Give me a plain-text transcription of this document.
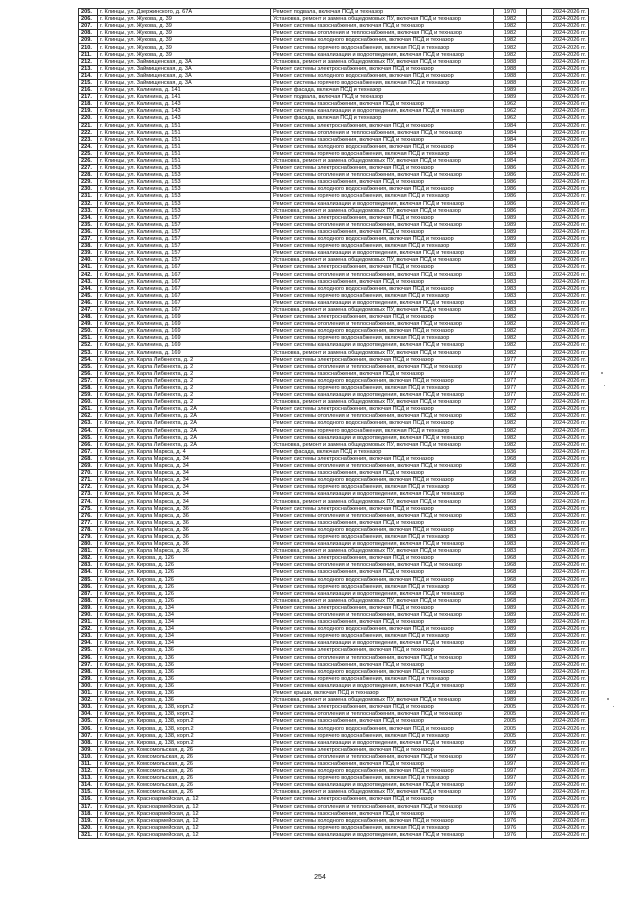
205.	г. Клинцы, ул. Дзержинского, д. 67А	Ремонт подвала, включая ПСД и техназор	1970		2024-2026 гг.
206.	г. Клинцы, ул. Жукова, д. 39	Установка, ремонт и замена общедомовых ПУ, включая ПСД и техназор	1982		2024-2026 гг.
207.	г. Клинцы, ул. Жукова, д. 39	Ремонт системы газоснабжения, включая ПСД и техназор	1982		2024-2026 гг.
208.	г. Клинцы, ул. Жукова, д. 39	Ремонт системы отопления и теплоснабжения, включая ПСД и техназор	1982		2024-2026 гг.
209.	г. Клинцы, ул. Жукова, д. 39	Ремонт системы холодного водоснабжения, включая ПСД и техназор	1982		2024-2026 гг.
210.	г. Клинцы, ул. Жукова, д. 39	Ремонт системы горячего водоснабжения, включая ПСД и техназор	1982		2024-2026 гг.
211.	г. Клинцы, ул. Жукова, д. 39	Ремонт системы канализации и водоотведения, включая ПСД и техназор	1982		2024-2026 гг.
212.	г. Клинцы, ул. Займищенская, д. 3А	Установка, ремонт и замена общедомовых ПУ, включая ПСД и техназор	1988		2024-2026 гг.
213.	г. Клинцы, ул. Займищенская, д. 3А	Ремонт системы электроснабжения, включая ПСД и техназор	1988		2024-2026 гг.
214.	г. Клинцы, ул. Займищенская, д. 3А	Ремонт системы холодного водоснабжения, включая ПСД и техназор	1988		2024-2026 гг.
215.	г. Клинцы, ул. Займищенская, д. 3А	Ремонт системы горячего водоснабжения, включая ПСД и техназор	1988		2024-2026 гг.
216.	г. Клинцы, ул. Калинина, д. 141	Ремонт фасада, включая ПСД и техназор	1989		2024-2026 гг.
217.	г. Клинцы, ул. Калинина, д. 141	Ремонт подвала, включая ПСД и техназор	1989		2024-2026 гг.
218.	г. Клинцы, ул. Калинина, д. 143	Ремонт системы газоснабжения, включая ПСД и техназор	1962		2024-2026 гг.
219.	г. Клинцы, ул. Калинина, д. 143	Ремонт системы канализации и водоотведения, включая ПСД и техназор	1962		2024-2026 гг.
220.	г. Клинцы, ул. Калинина, д. 143	Ремонт фасада, включая ПСД и техназор	1962		2024-2026 гг.
221.	г. Клинцы, ул. Калинина, д. 151	Ремонт системы электроснабжения, включая ПСД и техназор	1984		2024-2026 гг.
222.	г. Клинцы, ул. Калинина, д. 151	Ремонт системы отопления и теплоснабжения, включая ПСД и техназор	1984		2024-2026 гг.
223.	г. Клинцы, ул. Калинина, д. 151	Ремонт системы газоснабжения, включая ПСД и техназор	1984		2024-2026 гг.
224.	г. Клинцы, ул. Калинина, д. 151	Ремонт системы холодного водоснабжения, включая ПСД и техназор	1984		2024-2026 гг.
225.	г. Клинцы, ул. Калинина, д. 151	Ремонт системы горячего водоснабжения, включая ПСД и техназор	1984		2024-2026 гг.
226.	г. Клинцы, ул. Калинина, д. 151	Установка, ремонт и замена общедомовых ПУ, включая ПСД и техназор	1984		2024-2026 гг.
227.	г. Клинцы, ул. Калинина, д. 153	Ремонт системы электроснабжения, включая ПСД и техназор	1986		2024-2026 гг.
228.	г. Клинцы, ул. Калинина, д. 153	Ремонт системы отопления и теплоснабжения, включая ПСД и техназор	1986		2024-2026 гг.
229.	г. Клинцы, ул. Калинина, д. 153	Ремонт системы газоснабжения, включая ПСД и техназор	1986		2024-2026 гг.
230.	г. Клинцы, ул. Калинина, д. 153	Ремонт системы холодного водоснабжения, включая ПСД и техназор	1986		2024-2026 гг.
231.	г. Клинцы, ул. Калинина, д. 153	Ремонт системы горячего водоснабжения, включая ПСД и техназор	1986		2024-2026 гг.
232.	г. Клинцы, ул. Калинина, д. 153	Ремонт системы канализации и водоотведения, включая ПСД и техназор	1986		2024-2026 гг.
233.	г. Клинцы, ул. Калинина, д. 153	Установка, ремонт и замена общедомовых ПУ, включая ПСД и техназор	1986		2024-2026 гг.
234.	г. Клинцы, ул. Калинина, д. 157	Ремонт системы электроснабжения, включая ПСД и техназор	1989		2024-2026 гг.
235.	г. Клинцы, ул. Калинина, д. 157	Ремонт системы отопления и теплоснабжения, включая ПСД и техназор	1989		2024-2026 гг.
236.	г. Клинцы, ул. Калинина, д. 157	Ремонт системы газоснабжения, включая ПСД и техназор	1989		2024-2026 гг.
237.	г. Клинцы, ул. Калинина, д. 157	Ремонт системы холодного водоснабжения, включая ПСД и техназор	1989		2024-2026 гг.
238.	г. Клинцы, ул. Калинина, д. 157	Ремонт системы горячего водоснабжения, включая ПСД и техназор	1989		2024-2026 гг.
239.	г. Клинцы, ул. Калинина, д. 157	Ремонт системы канализации и водоотведения, включая ПСД и техназор	1989		2024-2026 гг.
240.	г. Клинцы, ул. Калинина, д. 157	Установка, ремонт и замена общедомовых ПУ, включая ПСД и техназор	1989		2024-2026 гг.
241.	г. Клинцы, ул. Калинина, д. 167	Ремонт системы электроснабжения, включая ПСД и техназор	1983		2024-2026 гг.
242.	г. Клинцы, ул. Калинина, д. 167	Ремонт системы отопления и теплоснабжения, включая ПСД и техназор	1983		2024-2026 гг.
243.	г. Клинцы, ул. Калинина, д. 167	Ремонт системы газоснабжения, включая ПСД и техназор	1983		2024-2026 гг.
244.	г. Клинцы, ул. Калинина, д. 167	Ремонт системы холодного водоснабжения, включая ПСД и техназор	1983		2024-2026 гг.
245.	г. Клинцы, ул. Калинина, д. 167	Ремонт системы горячего водоснабжения, включая ПСД и техназор	1983		2024-2026 гг.
246.	г. Клинцы, ул. Калинина, д. 167	Ремонт системы канализации и водоотведения, включая ПСД и техназор	1983		2024-2026 гг.
247.	г. Клинцы, ул. Калинина, д. 167	Установка, ремонт и замена общедомовых ПУ, включая ПСД и техназор	1983		2024-2026 гг.
248.	г. Клинцы, ул. Калинина, д. 169	Ремонт системы электроснабжения, включая ПСД и техназор	1982		2024-2026 гг.
249.	г. Клинцы, ул. Калинина, д. 169	Ремонт системы отопления и теплоснабжения, включая ПСД и техназор	1982		2024-2026 гг.
250.	г. Клинцы, ул. Калинина, д. 169	Ремонт системы холодного водоснабжения, включая ПСД и техназор	1982		2024-2026 гг.
251.	г. Клинцы, ул. Калинина, д. 169	Ремонт системы горячего водоснабжения, включая ПСД и техназор	1982		2024-2026 гг.
252.	г. Клинцы, ул. Калинина, д. 169	Ремонт системы канализации и водоотведения, включая ПСД и техназор	1982		2024-2026 гг.
253.	г. Клинцы, ул. Калинина, д. 169	Установка, ремонт и замена общедомовых ПУ, включая ПСД и техназор	1982		2024-2026 гг.
254.	г. Клинцы, ул. Карла Либкнехта, д. 2	Ремонт системы электроснабжения, включая ПСД и техназор	1977		2024-2026 гг.
255.	г. Клинцы, ул. Карла Либкнехта, д. 2	Ремонт системы отопления и теплоснабжения, включая ПСД и техназор	1977		2024-2026 гг.
256.	г. Клинцы, ул. Карла Либкнехта, д. 2	Ремонт системы газоснабжения, включая ПСД и техназор	1977		2024-2026 гг.
257.	г. Клинцы, ул. Карла Либкнехта, д. 2	Ремонт системы холодного водоснабжения, включая ПСД и техназор	1977		2024-2026 гг.
258.	г. Клинцы, ул. Карла Либкнехта, д. 2	Ремонт системы горячего водоснабжения, включая ПСД и техназор	1977		2024-2026 гг.
259.	г. Клинцы, ул. Карла Либкнехта, д. 2	Ремонт системы канализации и водоотведения, включая ПСД и техназор	1977		2024-2026 гг.
260.	г. Клинцы, ул. Карла Либкнехта, д. 2	Установка, ремонт и замена общедомовых ПУ, включая ПСД и техназор	1977		2024-2026 гг.
261.	г. Клинцы, ул. Карла Либкнехта, д. 2А	Ремонт системы электроснабжения, включая ПСД и техназор	1982		2024-2026 гг.
262.	г. Клинцы, ул. Карла Либкнехта, д. 2А	Ремонт системы отопления и теплоснабжения, включая ПСД и техназор	1982		2024-2026 гг.
263.	г. Клинцы, ул. Карла Либкнехта, д. 2А	Ремонт системы холодного водоснабжения, включая ПСД и техназор	1982		2024-2026 гг.
264.	г. Клинцы, ул. Карла Либкнехта, д. 2А	Ремонт системы горячего водоснабжения, включая ПСД и техназор	1982		2024-2026 гг.
265.	г. Клинцы, ул. Карла Либкнехта, д. 2А	Ремонт системы канализации и водоотведения, включая ПСД и техназор	1982		2024-2026 гг.
266.	г. Клинцы, ул. Карла Либкнехта, д. 2А	Установка, ремонт и замена общедомовых ПУ, включая ПСД и техназор	1982		2024-2026 гг.
267.	г. Клинцы, ул. Карла Маркса, д. 4	Ремонт фасада, включая ПСД и техназор	1936		2024-2026 гг.
268.	г. Клинцы, ул. Карла Маркса, д. 34	Ремонт системы электроснабжения, включая ПСД и техназор	1968		2024-2026 гг.
269.	г. Клинцы, ул. Карла Маркса, д. 34	Ремонт системы отопления и теплоснабжения, включая ПСД и техназор	1968		2024-2026 гг.
270.	г. Клинцы, ул. Карла Маркса, д. 34	Ремонт системы газоснабжения, включая ПСД и техназор	1968		2024-2026 гг.
271.	г. Клинцы, ул. Карла Маркса, д. 34	Ремонт системы холодного водоснабжения, включая ПСД и техназор	1968		2024-2026 гг.
272.	г. Клинцы, ул. Карла Маркса, д. 34	Ремонт системы горячего водоснабжения, включая ПСД и техназор	1968		2024-2026 гг.
273.	г. Клинцы, ул. Карла Маркса, д. 34	Ремонт системы канализации и водоотведения, включая ПСД и техназор	1968		2024-2026 гг.
274.	г. Клинцы, ул. Карла Маркса, д. 34	Установка, ремонт и замена общедомовых ПУ, включая ПСД и техназор	1968		2024-2026 гг.
275.	г. Клинцы, ул. Карла Маркса, д. 36	Ремонт системы электроснабжения, включая ПСД и техназор	1983		2024-2026 гг.
276.	г. Клинцы, ул. Карла Маркса, д. 36	Ремонт системы отопления и теплоснабжения, включая ПСД и техназор	1983		2024-2026 гг.
277.	г. Клинцы, ул. Карла Маркса, д. 36	Ремонт системы газоснабжения, включая ПСД и техназор	1983		2024-2026 гг.
278.	г. Клинцы, ул. Карла Маркса, д. 36	Ремонт системы холодного водоснабжения, включая ПСД и техназор	1983		2024-2026 гг.
279.	г. Клинцы, ул. Карла Маркса, д. 36	Ремонт системы горячего водоснабжения, включая ПСД и техназор	1983		2024-2026 гг.
280.	г. Клинцы, ул. Карла Маркса, д. 36	Ремонт системы канализации и водоотведения, включая ПСД и техназор	1983		2024-2026 гг.
281.	г. Клинцы, ул. Карла Маркса, д. 36	Установка, ремонт и замена общедомовых ПУ, включая ПСД и техназор	1983		2024-2026 гг.
282.	г. Клинцы, ул. Кирова, д. 126	Ремонт системы электроснабжения, включая ПСД и техназор	1968		2024-2026 гг.
283.	г. Клинцы, ул. Кирова, д. 126	Ремонт системы отопления и теплоснабжения, включая ПСД и техназор	1968		2024-2026 гг.
284.	г. Клинцы, ул. Кирова, д. 126	Ремонт системы газоснабжения, включая ПСД и техназор	1968		2024-2026 гг.
285.	г. Клинцы, ул. Кирова, д. 126	Ремонт системы холодного водоснабжения, включая ПСД и техназор	1968		2024-2026 гг.
286.	г. Клинцы, ул. Кирова, д. 126	Ремонт системы горячего водоснабжения, включая ПСД и техназор	1968		2024-2026 гг.
287.	г. Клинцы, ул. Кирова, д. 126	Ремонт системы канализации и водоотведения, включая ПСД и техназор	1968		2024-2026 гг.
288.	г. Клинцы, ул. Кирова, д. 126	Установка, ремонт и замена общедомовых ПУ, включая ПСД и техназор	1968		2024-2026 гг.
289.	г. Клинцы, ул. Кирова, д. 134	Ремонт системы электроснабжения, включая ПСД и техназор	1989		2024-2026 гг.
290.	г. Клинцы, ул. Кирова, д. 134	Ремонт системы отопления и теплоснабжения, включая ПСД и техназор	1989		2024-2026 гг.
291.	г. Клинцы, ул. Кирова, д. 134	Ремонт системы газоснабжения, включая ПСД и техназор	1989		2024-2026 гг.
292.	г. Клинцы, ул. Кирова, д. 134	Ремонт системы холодного водоснабжения, включая ПСД и техназор	1989		2024-2026 гг.
293.	г. Клинцы, ул. Кирова, д. 134	Ремонт системы горячего водоснабжения, включая ПСД и техназор	1989		2024-2026 гг.
294.	г. Клинцы, ул. Кирова, д. 134	Ремонт системы канализации и водоотведения, включая ПСД и техназор	1989		2024-2026 гг.
295.	г. Клинцы, ул. Кирова, д. 136	Ремонт системы электроснабжения, включая ПСД и техназор	1989		2024-2026 гг.
296.	г. Клинцы, ул. Кирова, д. 136	Ремонт системы отопления и теплоснабжения, включая ПСД и техназор	1989		2024-2026 гг.
297.	г. Клинцы, ул. Кирова, д. 136	Ремонт системы газоснабжения, включая ПСД и техназор	1989		2024-2026 гг.
298.	г. Клинцы, ул. Кирова, д. 136	Ремонт системы холодного водоснабжения, включая ПСД и техназор	1989		2024-2026 гг.
299.	г. Клинцы, ул. Кирова, д. 136	Ремонт системы горячего водоснабжения, включая ПСД и техназор	1989		2024-2026 гг.
300.	г. Клинцы, ул. Кирова, д. 136	Ремонт системы канализации и водоотведения, включая ПСД и техназор	1989		2024-2026 гг.
301.	г. Клинцы, ул. Кирова, д. 136	Ремонт крыши, включая ПСД и техназор	1989		2024-2026 гг.
302.	г. Клинцы, ул. Кирова, д. 136	Установка, ремонт и замена общедомовых ПУ, включая ПСД и техназор	1989		2024-2026 гг.
303.	г. Клинцы, ул. Кирова, д. 138, корп.2	Ремонт системы электроснабжения, включая ПСД и техназор	2005		2024-2026 гг.
304.	г. Клинцы, ул. Кирова, д. 138, корп.2	Ремонт системы отопления и теплоснабжения, включая ПСД и техназор	2005		2024-2026 гг.
305.	г. Клинцы, ул. Кирова, д. 138, корп.2	Ремонт системы газоснабжения, включая ПСД и техназор	2005		2024-2026 гг.
306.	г. Клинцы, ул. Кирова, д. 138, корп.2	Ремонт системы холодного водоснабжения, включая ПСД и техназор	2005		2024-2026 гг.
307.	г. Клинцы, ул. Кирова, д. 138, корп.2	Ремонт системы горячего водоснабжения, включая ПСД и техназор	2005		2024-2026 гг.
308.	г. Клинцы, ул. Кирова, д. 138, корп.2	Ремонт системы канализации и водоотведения, включая ПСД и техназор	2005		2024-2026 гг.
309.	г. Клинцы, ул. Комсомольская, д. 26	Ремонт системы электроснабжения, включая ПСД и техназор	1997		2024-2026 гг.
310.	г. Клинцы, ул. Комсомольская, д. 26	Ремонт системы отопления и теплоснабжения, включая ПСД и техназор	1997		2024-2026 гг.
311.	г. Клинцы, ул. Комсомольская, д. 26	Ремонт системы газоснабжения, включая ПСД и техназор	1997		2024-2026 гг.
312.	г. Клинцы, ул. Комсомольская, д. 26	Ремонт системы холодного водоснабжения, включая ПСД и техназор	1997		2024-2026 гг.
313.	г. Клинцы, ул. Комсомольская, д. 26	Ремонт системы горячего водоснабжения, включая ПСД и техназор	1997		2024-2026 гг.
314.	г. Клинцы, ул. Комсомольская, д. 26	Ремонт системы канализации и водоотведения, включая ПСД и техназор	1997		2024-2026 гг.
315.	г. Клинцы, ул. Комсомольская, д. 26	Установка, ремонт и замена общедомовых ПУ, включая ПСД и техназор	1997		2024-2026 гг.
316.	г. Клинцы, ул. Красноармейская, д. 12	Ремонт системы электроснабжения, включая ПСД и техназор	1976		2024-2026 гг.
317.	г. Клинцы, ул. Красноармейская, д. 12	Ремонт системы отопления и теплоснабжения, включая ПСД и техназор	1976		2024-2026 гг.
318.	г. Клинцы, ул. Красноармейская, д. 12	Ремонт системы газоснабжения, включая ПСД и техназор	1976		2024-2026 гг.
319.	г. Клинцы, ул. Красноармейская, д. 12	Ремонт системы холодного водоснабжения, включая ПСД и техназор	1976		2024-2026 гг.
320.	г. Клинцы, ул. Красноармейская, д. 12	Ремонт системы горячего водоснабжения, включая ПСД и техназор	1976		2024-2026 гг.
321.	г. Клинцы, ул. Красноармейская, д. 12	Ремонт системы канализации и водоотведения, включая ПСД и техназор	1976		2024-2026 гг.
254
